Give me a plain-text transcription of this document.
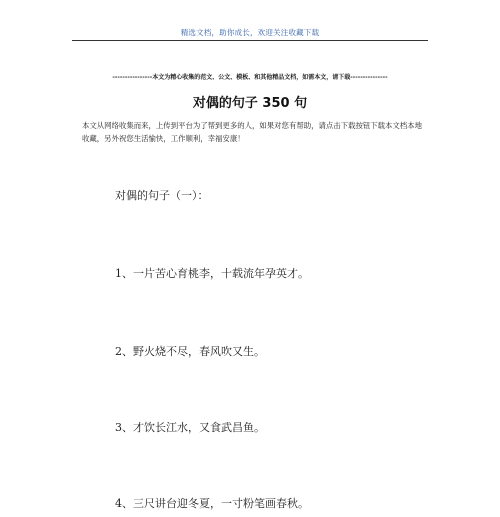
精选文档，助你成长，欢迎关注收藏下载
----------------本文为精心收集的范文、公文、模板、和其他精品文档，如需本文，请下载---------------
对偶的句子 350 句
本文从网络收集而来，上传到平台为了帮到更多的人，如果对您有帮助，请点击下载按钮下载本文档本地收藏，另外祝您生活愉快，工作顺利，幸福安康！
对偶的句子（一）：
1、一片苦心育桃李，十载流年孕英才。
2、野火烧不尽，春风吹又生。
3、才饮长江水，又食武昌鱼。
4、三尺讲台迎冬夏，一寸粉笔画春秋。
